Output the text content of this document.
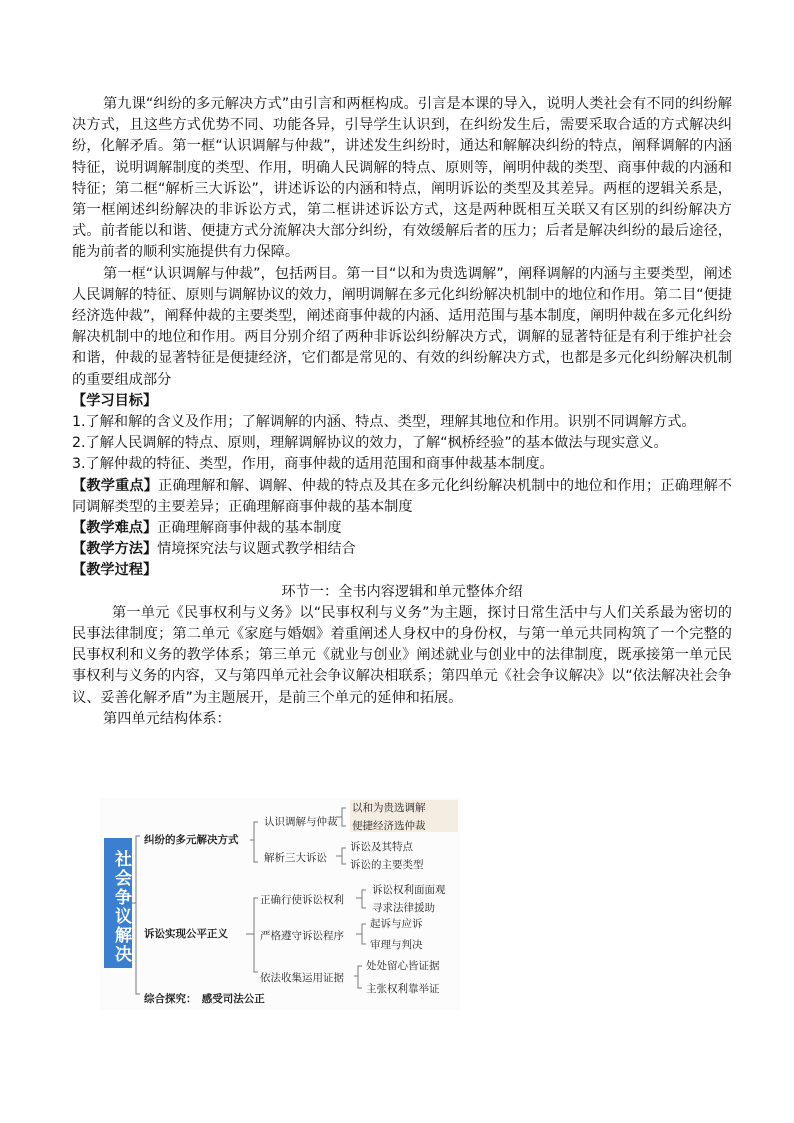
第九课“纠纷的多元解决方式”由引言和两框构成。引言是本课的导入，说明人类社会有不同的纠纷解决方式，且这些方式优势不同、功能各异，引导学生认识到，在纠纷发生后，需要采取合适的方式解决纠纷，化解矛盾。第一框“认识调解与仲裁”，讲述发生纠纷时，通达和解解决纠纷的特点，阐释调解的内涵特征，说明调解制度的类型、作用，明确人民调解的特点、原则等，阐明仲裁的类型、商事仲裁的内涵和特征；第二框“解析三大诉讼”，讲述诉讼的内涵和特点，阐明诉讼的类型及其差异。两框的逻辑关系是，第一框阐述纠纷解决的非诉讼方式，第二框讲述诉讼方式，这是两种既相互关联又有区别的纠纷解决方式。前者能以和谐、便捷方式分流解决大部分纠纷，有效缓解后者的压力；后者是解决纠纷的最后途径，能为前者的顺利实施提供有力保障。

第一框“认识调解与仲裁”，包括两目。第一目“以和为贵选调解”，阐释调解的内涵与主要类型，阐述人民调解的特征、原则与调解协议的效力，阐明调解在多元化纠纷解决机制中的地位和作用。第二目“便捷经济选仲裁”，阐释仲裁的主要类型，阐述商事仲裁的内涵、适用范围与基本制度，阐明仲裁在多元化纠纷解决机制中的地位和作用。两目分别介绍了两种非诉讼纠纷解决方式，调解的显著特征是有利于维护社会和谐，仲裁的显著特征是便捷经济，它们都是常见的、有效的纠纷解决方式，也都是多元化纠纷解决机制的重要组成部分

【学习目标】

1.了解和解的含义及作用；了解调解的内涵、特点、类型，理解其地位和作用。识别不同调解方式。

2.了解人民调解的特点、原则，理解调解协议的效力，了解“枫桥经验”的基本做法与现实意义。

3.了解仲裁的特征、类型，作用，商事仲裁的适用范围和商事仲裁基本制度。

【教学重点】正确理解和解、调解、仲裁的特点及其在多元化纠纷解决机制中的地位和作用；正确理解不同调解类型的主要差异；正确理解商事仲裁的基本制度

【教学难点】正确理解商事仲裁的基本制度

【教学方法】情境探究法与议题式教学相结合

【教学过程】

环节一：全书内容逻辑和单元整体介绍

第一单元《民事权利与义务》以“民事权利与义务”为主题，探讨日常生活中与人们关系最为密切的民事法律制度；第二单元《家庭与婚姻》着重阐述人身权中的身份权，与第一单元共同构筑了一个完整的民事权利和义务的教学体系；第三单元《就业与创业》阐述就业与创业中的法律制度，既承接第一单元民事权利与义务的内容，又与第四单元社会争议解决相联系；第四单元《社会争议解决》以“依法解决社会争议、妥善化解矛盾”为主题展开，是前三个单元的延伸和拓展。

第四单元结构体系：

社会争议解决
纠纷的多元解决方式
认识调解与仲裁
以和为贵选调解
便捷经济选仲裁
解析三大诉讼
诉讼及其特点
诉讼的主要类型
诉讼实现公平正义
正确行使诉讼权利
诉讼权利面面观
寻求法律援助
严格遵守诉讼程序
起诉与应诉
审理与判决
依法收集运用证据
处处留心皆证据
主张权利靠举证
综合探究：　感受司法公正
